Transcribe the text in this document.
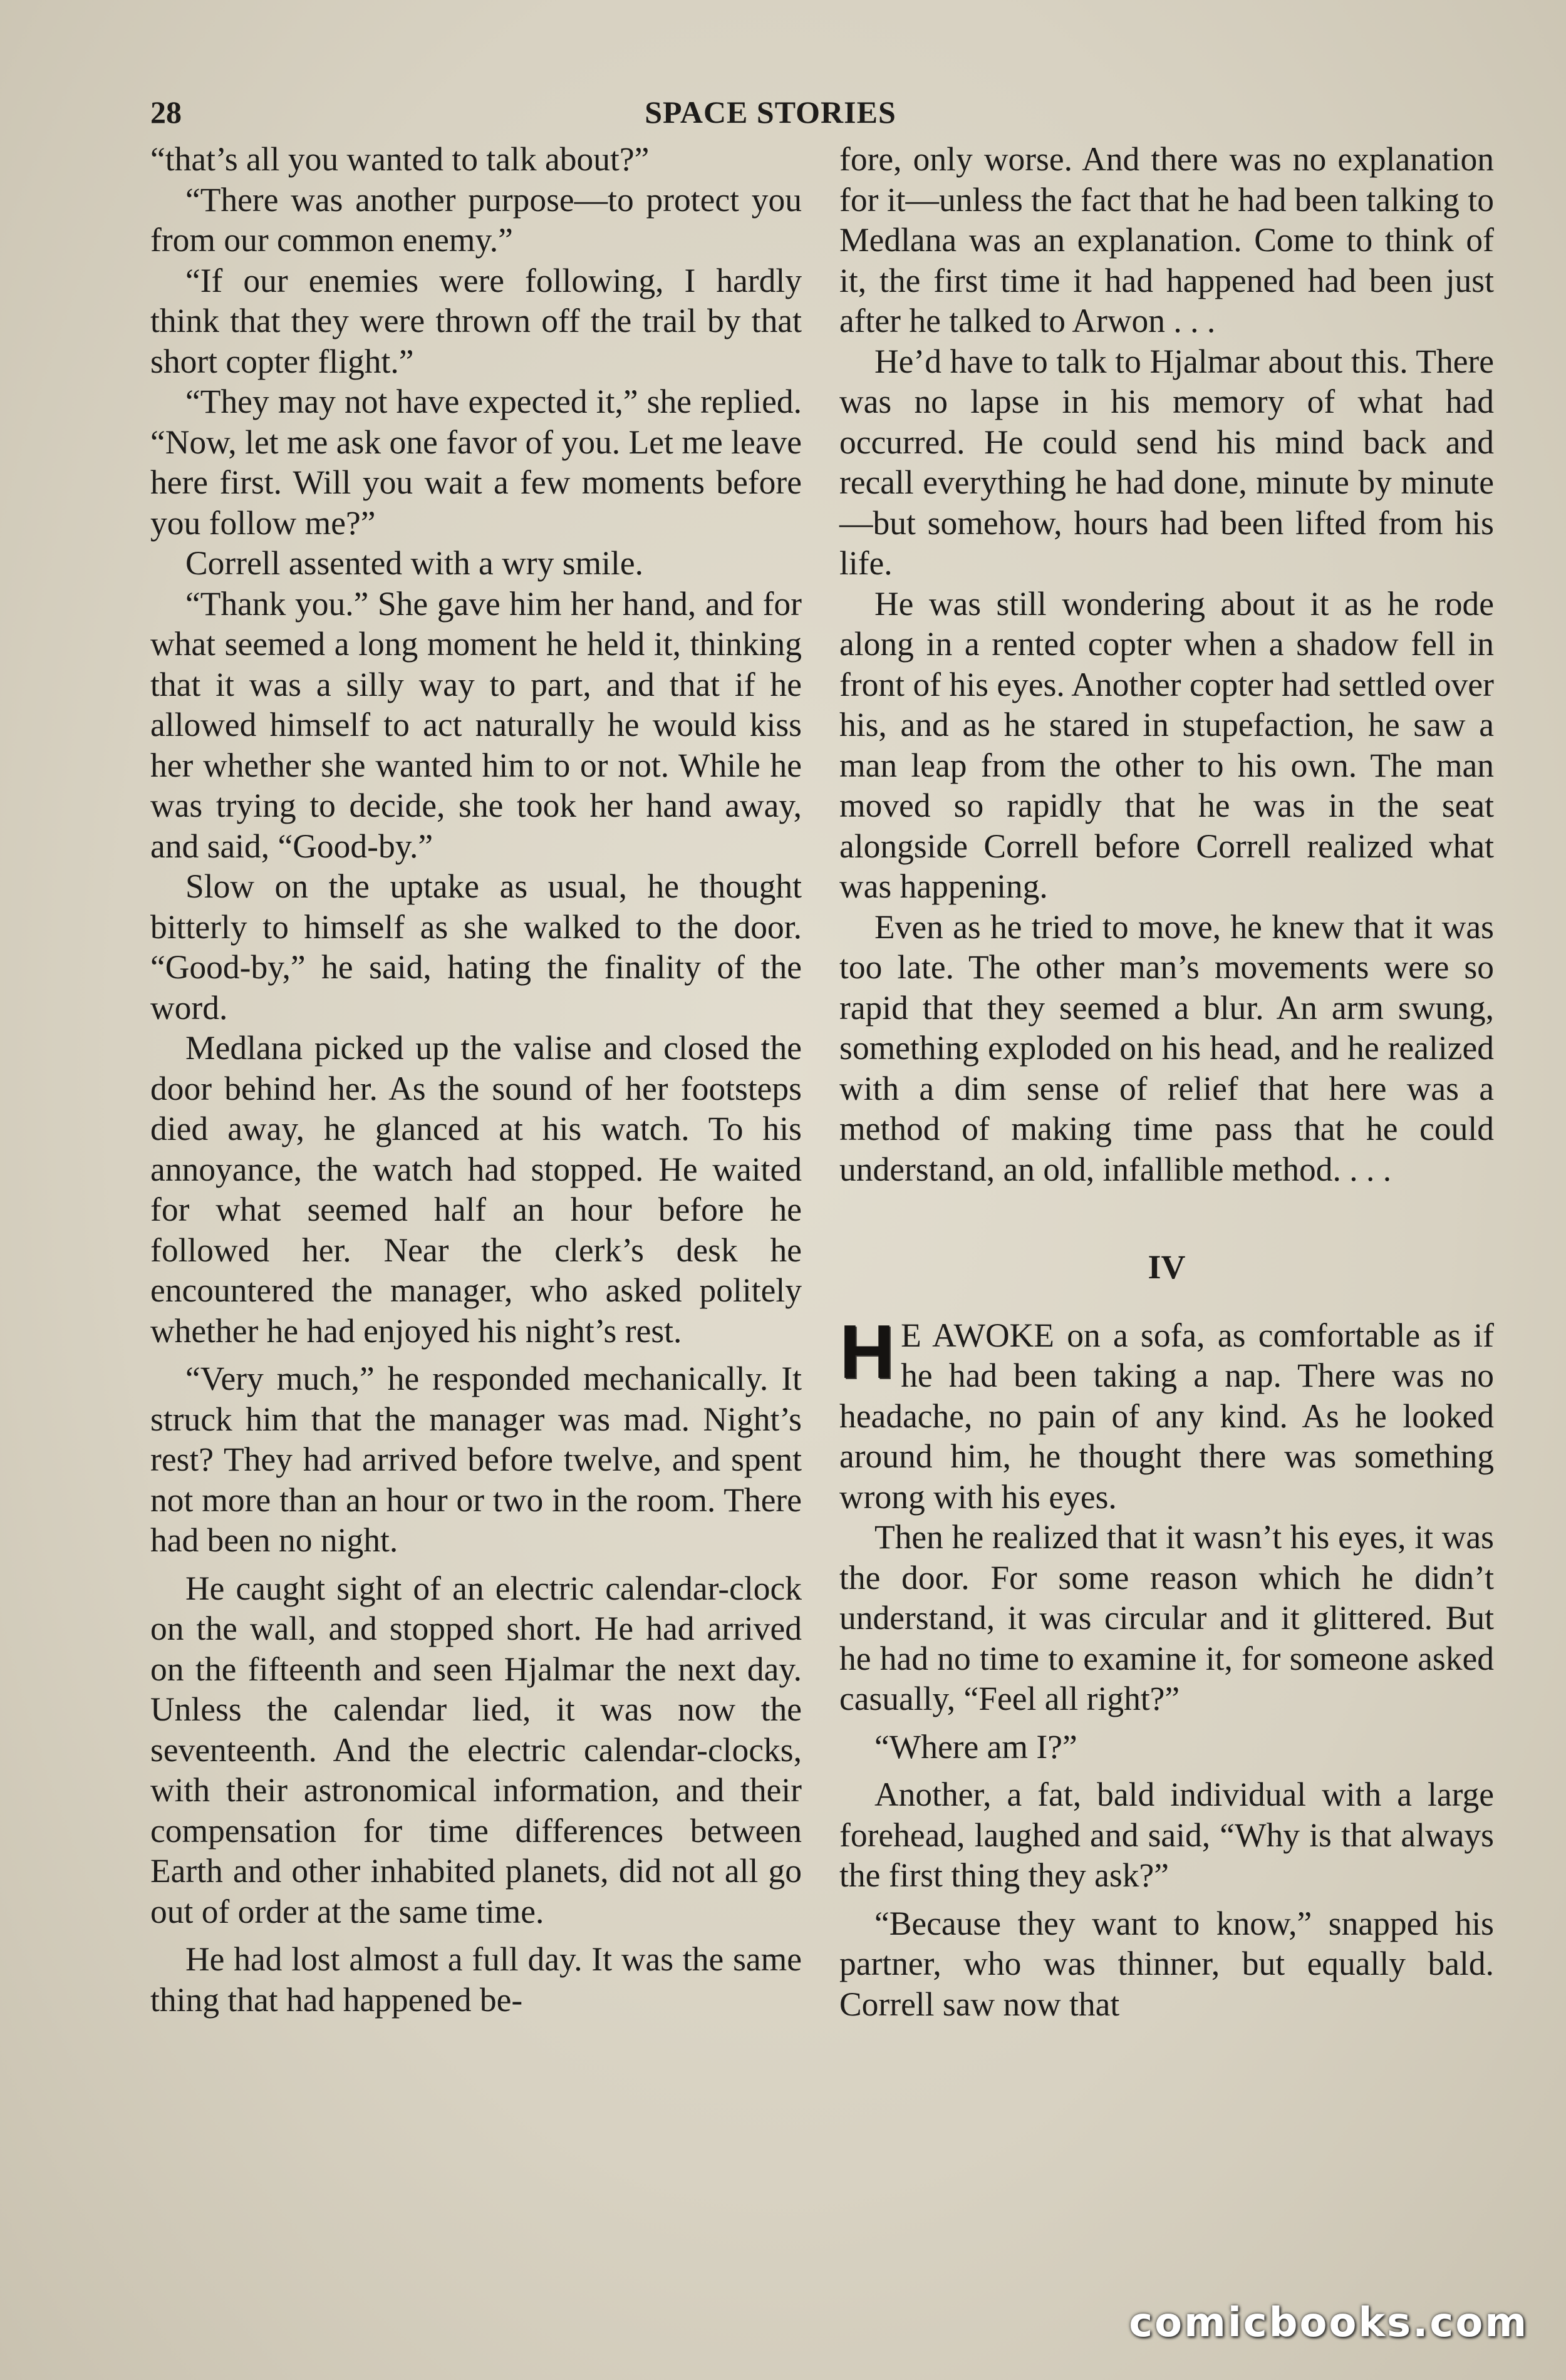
28	SPACE STORIES

“that’s all you wanted to talk about?”

“There was another purpose—to protect you from our common enemy.”

“If our enemies were following, I hardly think that they were thrown off the trail by that short copter flight.”

“They may not have expected it,” she replied. “Now, let me ask one favor of you. Let me leave here first. Will you wait a few moments before you follow me?”

Correll assented with a wry smile.

“Thank you.” She gave him her hand, and for what seemed a long moment he held it, thinking that it was a silly way to part, and that if he allowed himself to act naturally he would kiss her whether she wanted him to or not. While he was trying to decide, she took her hand away, and said, “Good-by.”

Slow on the uptake as usual, he thought bitterly to himself as she walked to the door. “Good-by,” he said, hating the finality of the word.

Medlana picked up the valise and closed the door behind her. As the sound of her footsteps died away, he glanced at his watch. To his annoyance, the watch had stopped. He waited for what seemed half an hour before he followed her. Near the clerk’s desk he encountered the manager, who asked politely whether he had enjoyed his night’s rest.

“Very much,” he responded mechanically. It struck him that the manager was mad. Night’s rest? They had arrived before twelve, and spent not more than an hour or two in the room. There had been no night.

He caught sight of an electric calendar-clock on the wall, and stopped short. He had arrived on the fifteenth and seen Hjalmar the next day. Unless the calendar lied, it was now the seventeenth. And the electric calendar-clocks, with their astronomical information, and their compensation for time differences between Earth and other inhabited planets, did not all go out of order at the same time.

He had lost almost a full day. It was the same thing that had happened be-

fore, only worse. And there was no explanation for it—unless the fact that he had been talking to Medlana was an explanation. Come to think of it, the first time it had happened had been just after he talked to Arwon . . .

He’d have to talk to Hjalmar about this. There was no lapse in his memory of what had occurred. He could send his mind back and recall everything he had done, minute by minute—but somehow, hours had been lifted from his life.

He was still wondering about it as he rode along in a rented copter when a shadow fell in front of his eyes. Another copter had settled over his, and as he stared in stupefaction, he saw a man leap from the other to his own. The man moved so rapidly that he was in the seat alongside Correll before Correll realized what was happening.

Even as he tried to move, he knew that it was too late. The other man’s movements were so rapid that they seemed a blur. An arm swung, something exploded on his head, and he realized with a dim sense of relief that here was a method of making time pass that he could understand, an old, infallible method. . . .

IV

H E AWOKE on a sofa, as comfortable as if he had been taking a nap. There was no headache, no pain of any kind. As he looked around him, he thought there was something wrong with his eyes.

Then he realized that it wasn’t his eyes, it was the door. For some reason which he didn’t understand, it was circular and it glittered. But he had no time to examine it, for someone asked casually, “Feel all right?”

“Where am I?”

Another, a fat, bald individual with a large forehead, laughed and said, “Why is that always the first thing they ask?”

“Because they want to know,” snapped his partner, who was thinner, but equally bald. Correll saw now that

comicbooks.com
